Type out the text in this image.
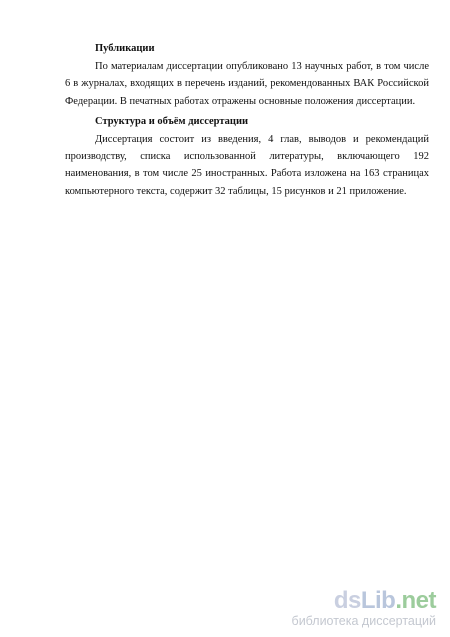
Публикации

По материалам диссертации опубликовано 13 научных работ, в том числе 6 в журналах, входящих в перечень изданий, рекомендованных ВАК Российской Федерации. В печатных работах отражены основные положения диссертации.

Структура и объём диссертации

Диссертация состоит из введения, 4 глав, выводов и рекомендаций производству, списка использованной литературы, включающего 192 наименования, в том числе 25 иностранных. Работа изложена на 163 страницах компьютерного текста, содержит 32 таблицы, 15 рисунков и 21 приложение.

dsLib.net
библиотека диссертаций
